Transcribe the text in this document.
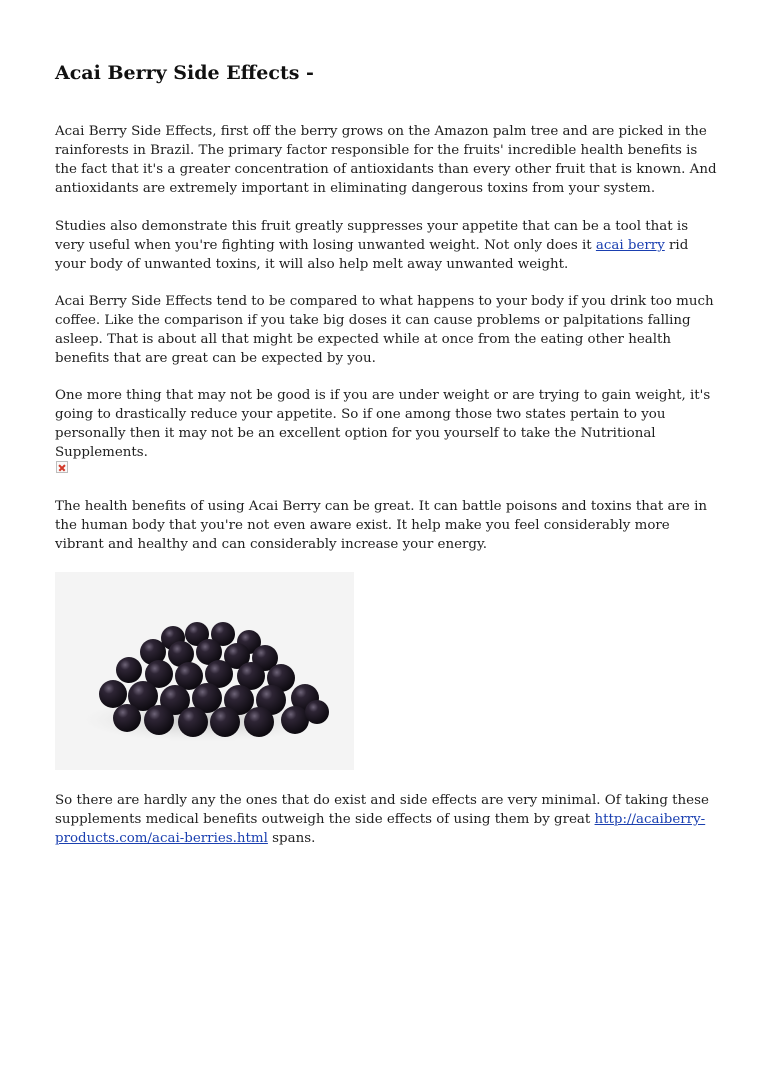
Acai Berry Side Effects -

Acai Berry Side Effects, first off the berry grows on the Amazon palm tree and are picked in the rainforests in Brazil. The primary factor responsible for the fruits' incredible health benefits is the fact that it's a greater concentration of antioxidants than every other fruit that is known. And antioxidants are extremely important in eliminating dangerous toxins from your system.

Studies also demonstrate this fruit greatly suppresses your appetite that can be a tool that is very useful when you're fighting with losing unwanted weight. Not only does it acai berry rid your body of unwanted toxins, it will also help melt away unwanted weight.

Acai Berry Side Effects tend to be compared to what happens to your body if you drink too much coffee. Like the comparison if you take big doses it can cause problems or palpitations falling asleep. That is about all that might be expected while at once from the eating other health benefits that are great can be expected by you.

One more thing that may not be good is if you are under weight or are trying to gain weight, it's going to drastically reduce your appetite. So if one among those two states pertain to you personally then it may not be an excellent option for you yourself to take the Nutritional Supplements.

The health benefits of using Acai Berry can be great. It can battle poisons and toxins that are in the human body that you're not even aware exist. It help make you feel considerably more vibrant and healthy and can considerably increase your energy.

So there are hardly any the ones that do exist and side effects are very minimal. Of taking these supplements medical benefits outweigh the side effects of using them by great http://acaiberry-products.com/acai-berries.html spans.
